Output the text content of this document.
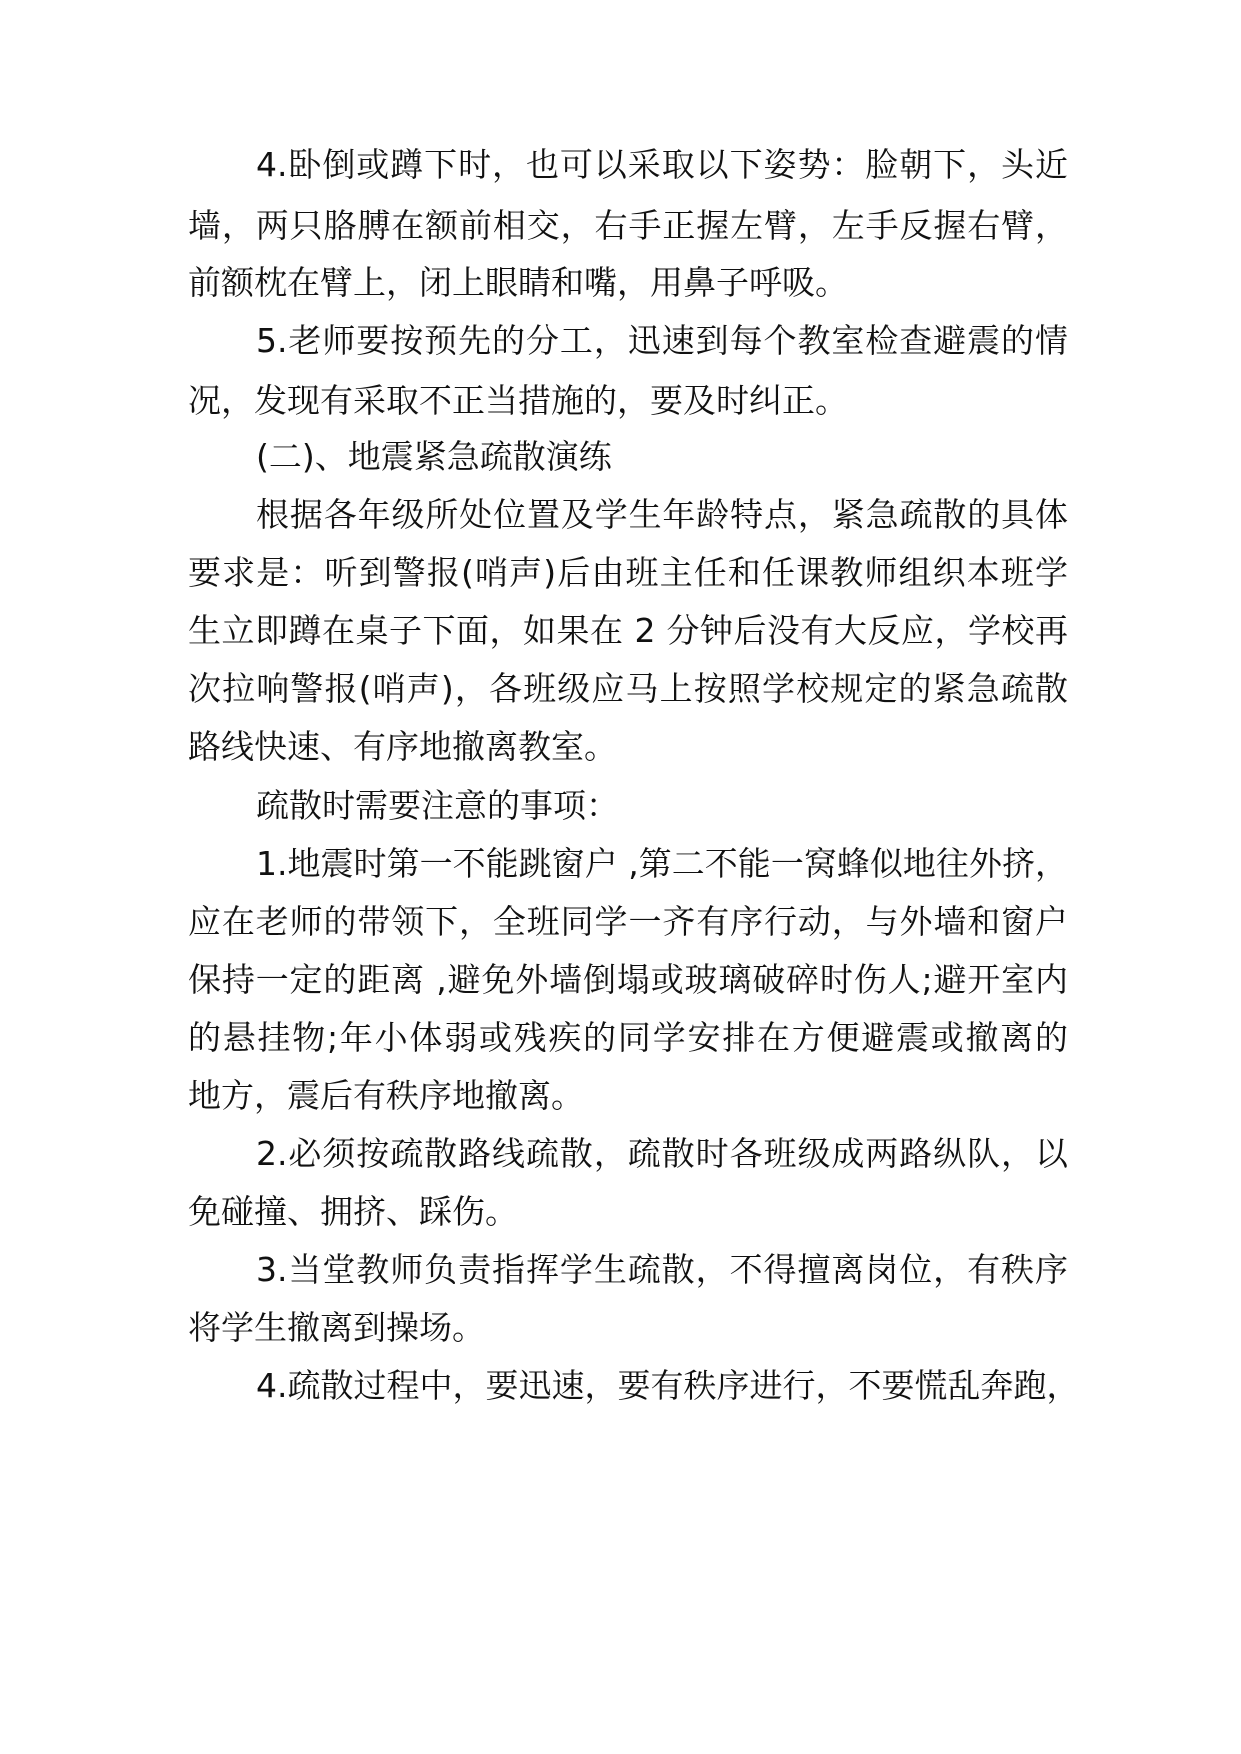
4.卧倒或蹲下时，也可以采取以下姿势：脸朝下，头近
墙，两只胳膊在额前相交，右手正握左臂，左手反握右臂，
前额枕在臂上，闭上眼睛和嘴，用鼻子呼吸。
5.老师要按预先的分工，迅速到每个教室检查避震的情
况，发现有采取不正当措施的，要及时纠正。
(二)、地震紧急疏散演练
根据各年级所处位置及学生年龄特点，紧急疏散的具体
要求是：听到警报(哨声)后由班主任和任课教师组织本班学
生立即蹲在桌子下面，如果在 2 分钟后没有大反应，学校再
次拉响警报(哨声)，各班级应马上按照学校规定的紧急疏散
路线快速、有序地撤离教室。
疏散时需要注意的事项：
1.地震时第一不能跳窗户 ,第二不能一窝蜂似地往外挤，
应在老师的带领下，全班同学一齐有序行动，与外墙和窗户
保持一定的距离 ,避免外墙倒塌或玻璃破碎时伤人;避开室内
的悬挂物;年小体弱或残疾的同学安排在方便避震或撤离的
地方，震后有秩序地撤离。
2.必须按疏散路线疏散，疏散时各班级成两路纵队，以
免碰撞、拥挤、踩伤。
3.当堂教师负责指挥学生疏散，不得擅离岗位，有秩序
将学生撤离到操场。
4.疏散过程中，要迅速，要有秩序进行，不要慌乱奔跑，
